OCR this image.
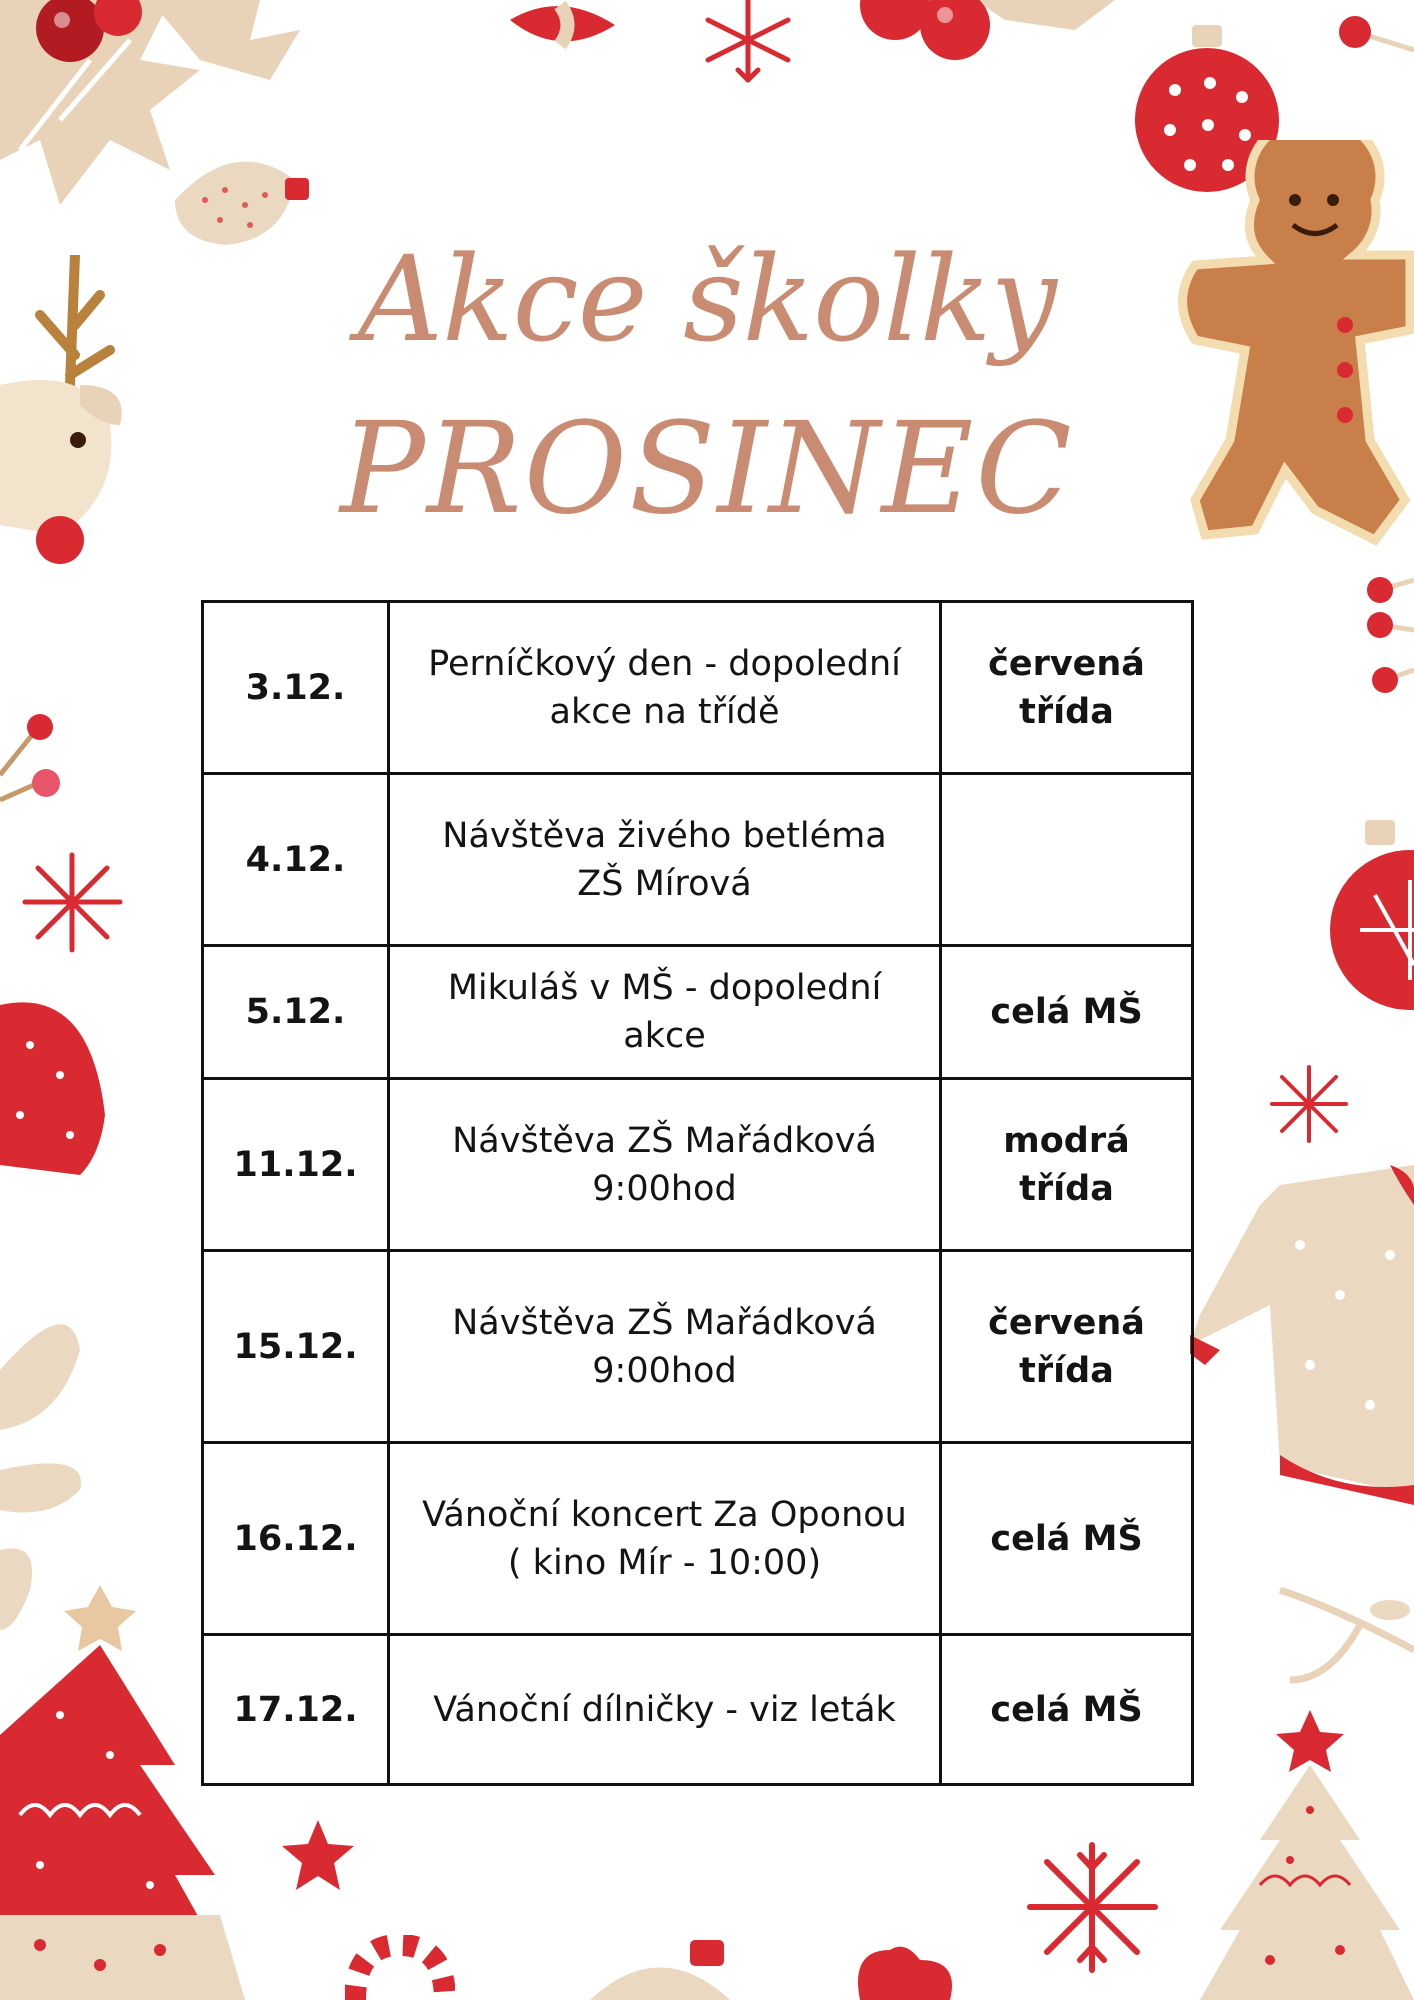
Akce školky
PROSINEC
3.12.	Perníčkový den - dopolední
akce na třídě	červená
třída
4.12.	Návštěva živého betléma
ZŠ Mírová	
5.12.	Mikuláš v MŠ - dopolední akce	celá MŠ
11.12.	Návštěva ZŠ Mařádková
9:00hod	modrá
třída
15.12.	Návštěva ZŠ Mařádková
9:00hod	červená
třída
16.12.	Vánoční koncert Za Oponou
( kino Mír - 10:00)	celá MŠ
17.12.	Vánoční dílničky - viz leták	celá MŠ
